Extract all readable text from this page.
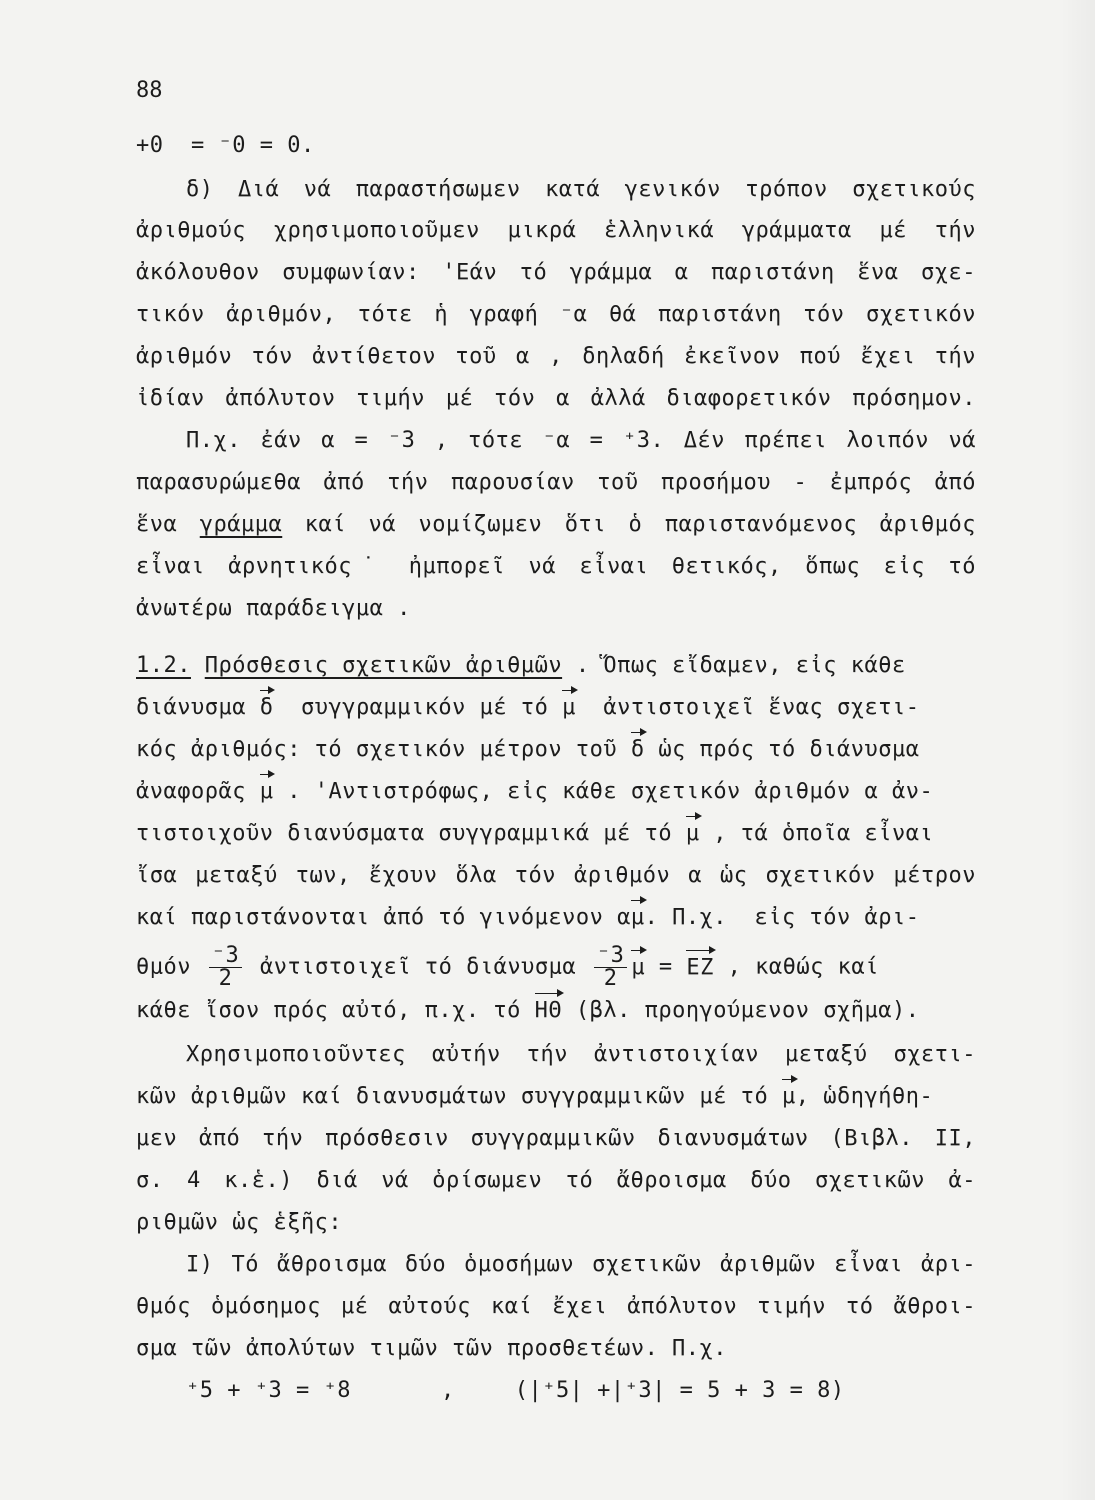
88
+0  = ⁻0 = 0.
δ) Διά νά παραστήσωμεν κατά γενικόν τρόπον σχετικούς
ἀριθμούς χρησιμοποιοῦμεν μικρά ἑλληνικά γράμματα μέ τήν
ἀκόλουθον συμφωνίαν: 'Εάν τό γράμμα α παριστάνη ἕνα σχε-
τικόν ἀριθμόν, τότε ἡ γραφή ⁻α θά παριστάνη τόν σχετικόν
ἀριθμόν τόν ἀντίθετον τοῦ α , δηλαδή ἐκεῖνον πού ἔχει τήν
ἰδίαν ἀπόλυτον τιμήν μέ τόν α ἀλλά διαφορετικόν πρόσημον.
Π.χ. ἐάν α = ⁻3 , τότε ⁻α = ⁺3. Δέν πρέπει λοιπόν νά
παρασυρώμεθα ἀπό τήν παρουσίαν τοῦ προσήμου - ἐμπρός ἀπό
ἕνα γράμμα καί νά νομίζωμεν ὅτι ὁ παριστανόμενος ἀριθμός
εἶναι ἀρνητικός˙ ἠμπορεῖ νά εἶναι θετικός, ὅπως εἰς τό
ἀνωτέρω παράδειγμα .
1.2. Πρόσθεσις σχετικῶν ἀριθμῶν . Ὅπως εἴδαμεν, εἰς κάθε
διάνυσμα δ  συγγραμμικόν μέ τό μ  ἀντιστοιχεῖ ἕνας σχετι-
κός ἀριθμός: τό σχετικόν μέτρον τοῦ δ ὡς πρός τό διάνυσμα
ἀναφορᾶς μ . 'Αντιστρόφως, εἰς κάθε σχετικόν ἀριθμόν α ἀν-
τιστοιχοῦν διανύσματα συγγραμμικά μέ τό μ , τά ὁποῖα εἶναι
ἴσα μεταξύ των, ἔχουν ὅλα τόν ἀριθμόν α ὡς σχετικόν μέτρον
καί παριστάνονται ἀπό τό γινόμενον αμ. Π.χ.  εἰς τόν ἀρι-
θμόν $\frac{^-3}{2}$ ἀντιστοιχεῖ τό διάνυσμα $\frac{^-3}{2}$ μ = ΕΖ , καθώς καί
κάθε ἴσον πρός αὐτό, π.χ. τό ΗΘ (βλ. προηγούμενον σχῆμα).
Χρησιμοποιοῦντες αὐτήν τήν ἀντιστοιχίαν μεταξύ σχετι-
κῶν ἀριθμῶν καί διανυσμάτων συγγραμμικῶν μέ τό μ, ὡδηγήθη-
μεν ἀπό τήν πρόσθεσιν συγγραμμικῶν διανυσμάτων (Βιβλ. ΙΙ,
σ. 4 κ.ἑ.) διά νά ὁρίσωμεν τό ἄθροισμα δύο σχετικῶν ἀ-
ριθμῶν ὡς ἑξῆς:
Ι) Τό ἄθροισμα δύο ὁμοσήμων σχετικῶν ἀριθμῶν εἶναι ἀρι-
θμός ὁμόσημος μέ αὐτούς καί ἔχει ἀπόλυτον τιμήν τό ἄθροι-
σμα τῶν ἀπολύτων τιμῶν τῶν προσθετέων. Π.χ.
⁺5 + ⁺3 = ⁺8	,	(|⁺5| +|⁺3| = 5 + 3 = 8)
